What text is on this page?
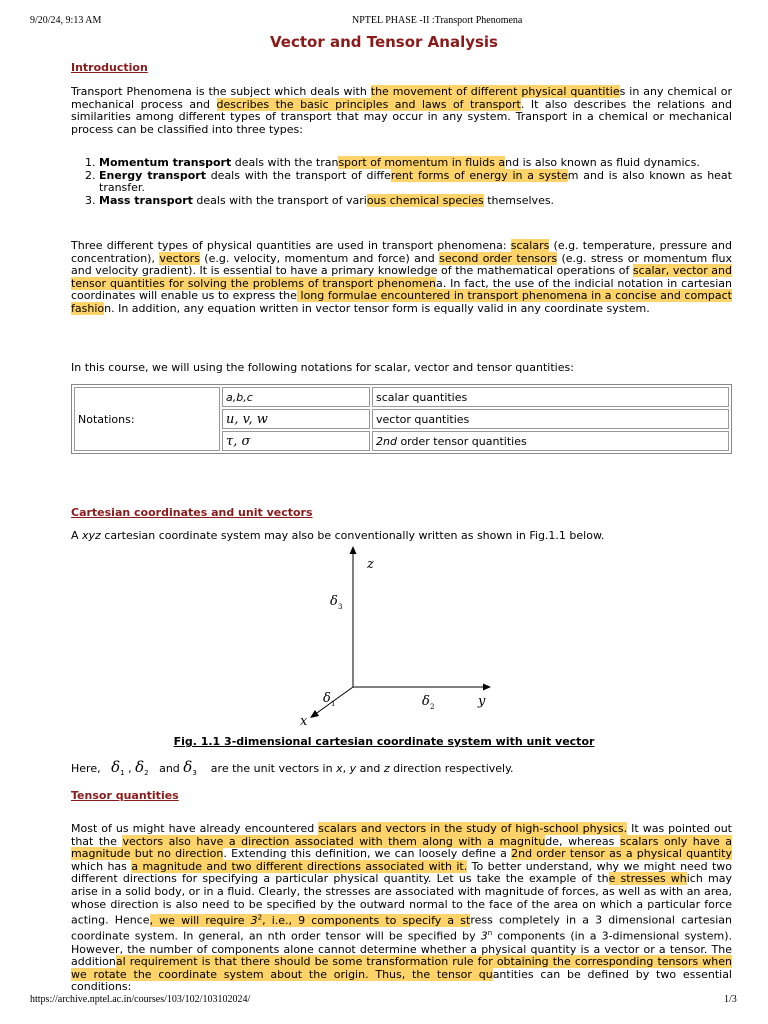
9/20/24, 9:13 AM	NPTEL PHASE -II :Transport Phenomena
Vector and Tensor Analysis
Introduction
Transport Phenomena is the subject which deals with the movement of different physical quantities in any chemical or mechanical process and describes the basic principles and laws of transport. It also describes the relations and similarities among different types of transport that may occur in any system. Transport in a chemical or mechanical process can be classified into three types:
1. Momentum transport deals with the transport of momentum in fluids and is also known as fluid dynamics.
2. Energy transport deals with the transport of different forms of energy in a system and is also known as heat transfer.
3. Mass transport deals with the transport of various chemical species themselves.
Three different types of physical quantities are used in transport phenomena: scalars (e.g. temperature, pressure and concentration), vectors (e.g. velocity, momentum and force) and second order tensors (e.g. stress or momentum flux and velocity gradient). It is essential to have a primary knowledge of the mathematical operations of scalar, vector and tensor quantities for solving the problems of transport phenomena. In fact, the use of the indicial notation in cartesian coordinates will enable us to express the long formulae encountered in transport phenomena in a concise and compact fashion. In addition, any equation written in vector tensor form is equally valid in any coordinate system.
In this course, we will using the following notations for scalar, vector and tensor quantities:
Notations:	a,b,c	scalar quantities
	u, v, w	vector quantities
	τ, σ	2nd order tensor quantities
Cartesian coordinates and unit vectors
A xyz cartesian coordinate system may also be conventionally written as shown in Fig.1.1 below.
z
y
x
δ 3
δ 2
δ 1
Fig. 1.1 3-dimensional cartesian coordinate system with unit vector
Here, $\delta_1$ , $\delta_2$ and $\delta_3$ are the unit vectors in x, y and z direction respectively.
Tensor quantities
Most of us might have already encountered scalars and vectors in the study of high-school physics. It was pointed out that the vectors also have a direction associated with them along with a magnitude, whereas scalars only have a magnitude but no direction. Extending this definition, we can loosely define a 2nd order tensor as a physical quantity which has a magnitude and two different directions associated with it. To better understand, why we might need two different directions for specifying a particular physical quantity. Let us take the example of the stresses which may arise in a solid body, or in a fluid. Clearly, the stresses are associated with magnitude of forces, as well as with an area, whose direction is also need to be specified by the outward normal to the face of the area on which a particular force acting. Hence, we will require $3^2$, i.e., 9 components to specify a stress completely in a 3 dimensional cartesian coordinate system. In general, an nth order tensor will be specified by 3$^n$ components (in a 3-dimensional system). However, the number of components alone cannot determine whether a physical quantity is a vector or a tensor. The additional requirement is that there should be some transformation rule for obtaining the corresponding tensors when we rotate the coordinate system about the origin. Thus, the tensor quantities can be defined by two essential conditions:
https://archive.nptel.ac.in/courses/103/102/103102024/	1/3
